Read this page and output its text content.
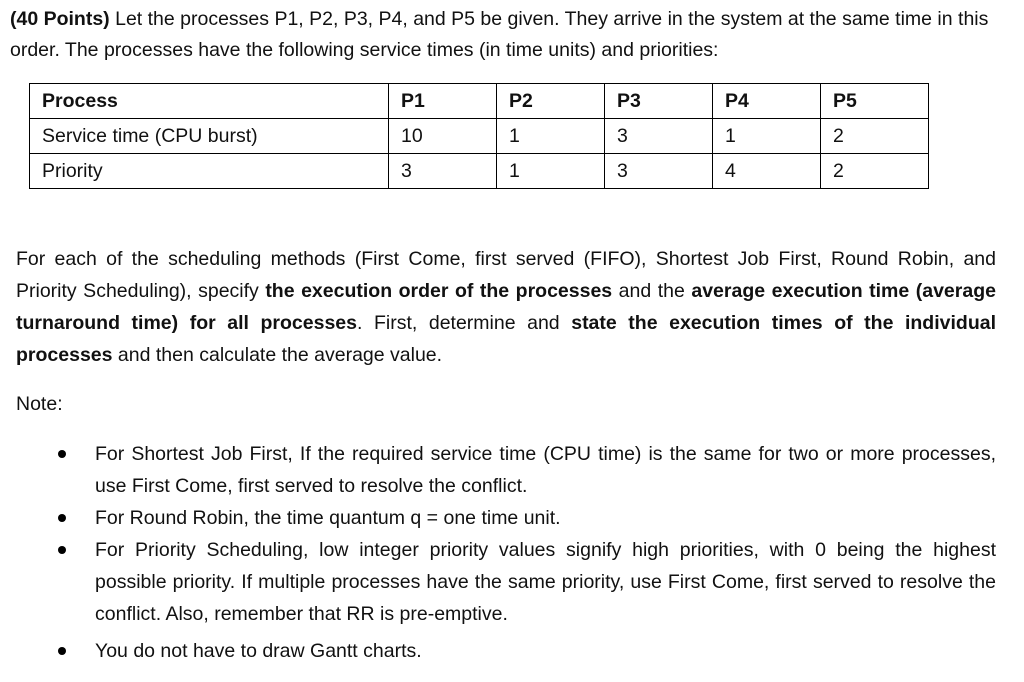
(40 Points) Let the processes P1, P2, P3, P4, and P5 be given. They arrive in the system at the same time in this order. The processes have the following service times (in time units) and priorities:
Process	P1	P2	P3	P4	P5
Service time (CPU burst)	10	1	3	1	2
Priority	3	1	3	4	2
For each of the scheduling methods (First Come, first served (FIFO), Shortest Job First, Round Robin, and Priority Scheduling), specify the execution order of the processes and the average execution time (average turnaround time) for all processes. First, determine and state the execution times of the individual processes and then calculate the average value.
Note:
For Shortest Job First, If the required service time (CPU time) is the same for two or more processes, use First Come, first served to resolve the conflict.
For Round Robin, the time quantum q = one time unit.
For Priority Scheduling, low integer priority values signify high priorities, with 0 being the highest possible priority. If multiple processes have the same priority, use First Come, first served to resolve the conflict. Also, remember that RR is pre-emptive.
You do not have to draw Gantt charts.
